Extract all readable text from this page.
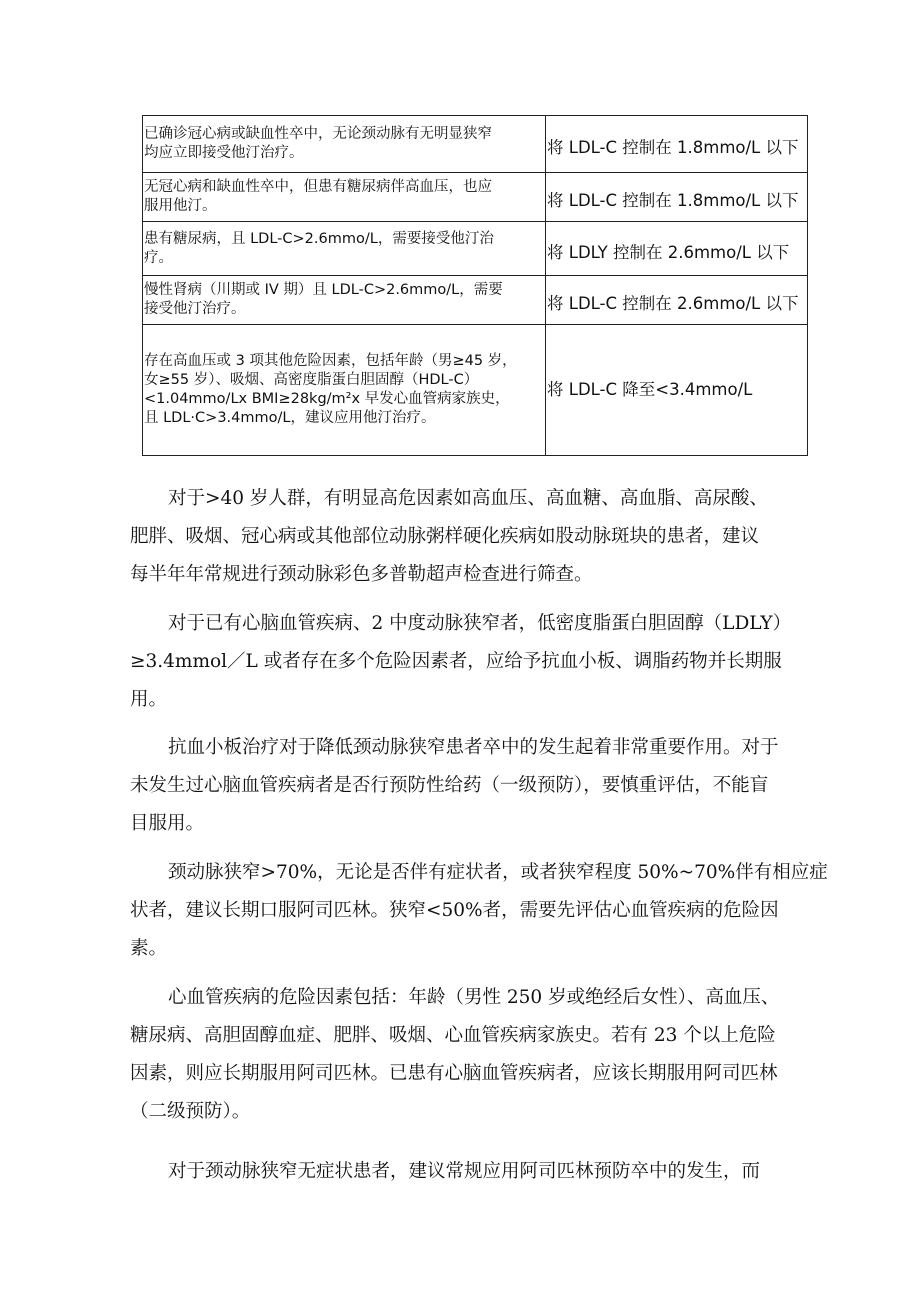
已确诊冠心病或缺血性卒中，无论颈动脉有无明显狭窄
均应立即接受他汀治疗。	将 LDL-C 控制在 1.8mmo/L 以下

无冠心病和缺血性卒中，但患有糖尿病伴高血压，也应
服用他汀。	将 LDL-C 控制在 1.8mmo/L 以下

患有糖尿病，且 LDL-C>2.6mmo/L，需要接受他汀治
疗。	将 LDLY 控制在 2.6mmo/L 以下

慢性肾病（川期或 IV 期）且 LDL-C>2.6mmo/L，需要
接受他汀治疗。	将 LDL-C 控制在 2.6mmo/L 以下

存在高血压或 3 项其他危险因素，包括年龄（男≥45 岁，
女≥55 岁）、吸烟、高密度脂蛋白胆固醇（HDL-C）
<1.04mmo/Lx BMI≥28kg/m²x 早发心血管病家族史，
且 LDL·C>3.4mmo/L，建议应用他汀治疗。	将 LDL-C 降至<3.4mmo/L
对于>40 岁人群，有明显高危因素如高血压、高血糖、高血脂、高尿酸、
肥胖、吸烟、冠心病或其他部位动脉粥样硬化疾病如股动脉斑块的患者，建议
每半年年常规进行颈动脉彩色多普勒超声检查进行筛查。
对于已有心脑血管疾病、2 中度动脉狭窄者，低密度脂蛋白胆固醇（LDLY）
≥3.4mmol／L 或者存在多个危险因素者，应给予抗血小板、调脂药物并长期服
用。
抗血小板治疗对于降低颈动脉狭窄患者卒中的发生起着非常重要作用。对于
未发生过心脑血管疾病者是否行预防性给药（一级预防），要慎重评估，不能盲
目服用。
颈动脉狭窄>70%，无论是否伴有症状者，或者狭窄程度 50%~70%伴有相应症
状者，建议长期口服阿司匹林。狭窄<50%者，需要先评估心血管疾病的危险因
素。
心血管疾病的危险因素包括：年龄（男性 250 岁或绝经后女性）、高血压、
糖尿病、高胆固醇血症、肥胖、吸烟、心血管疾病家族史。若有 23 个以上危险
因素，则应长期服用阿司匹林。已患有心脑血管疾病者，应该长期服用阿司匹林
（二级预防）。
对于颈动脉狭窄无症状患者，建议常规应用阿司匹林预防卒中的发生，而
